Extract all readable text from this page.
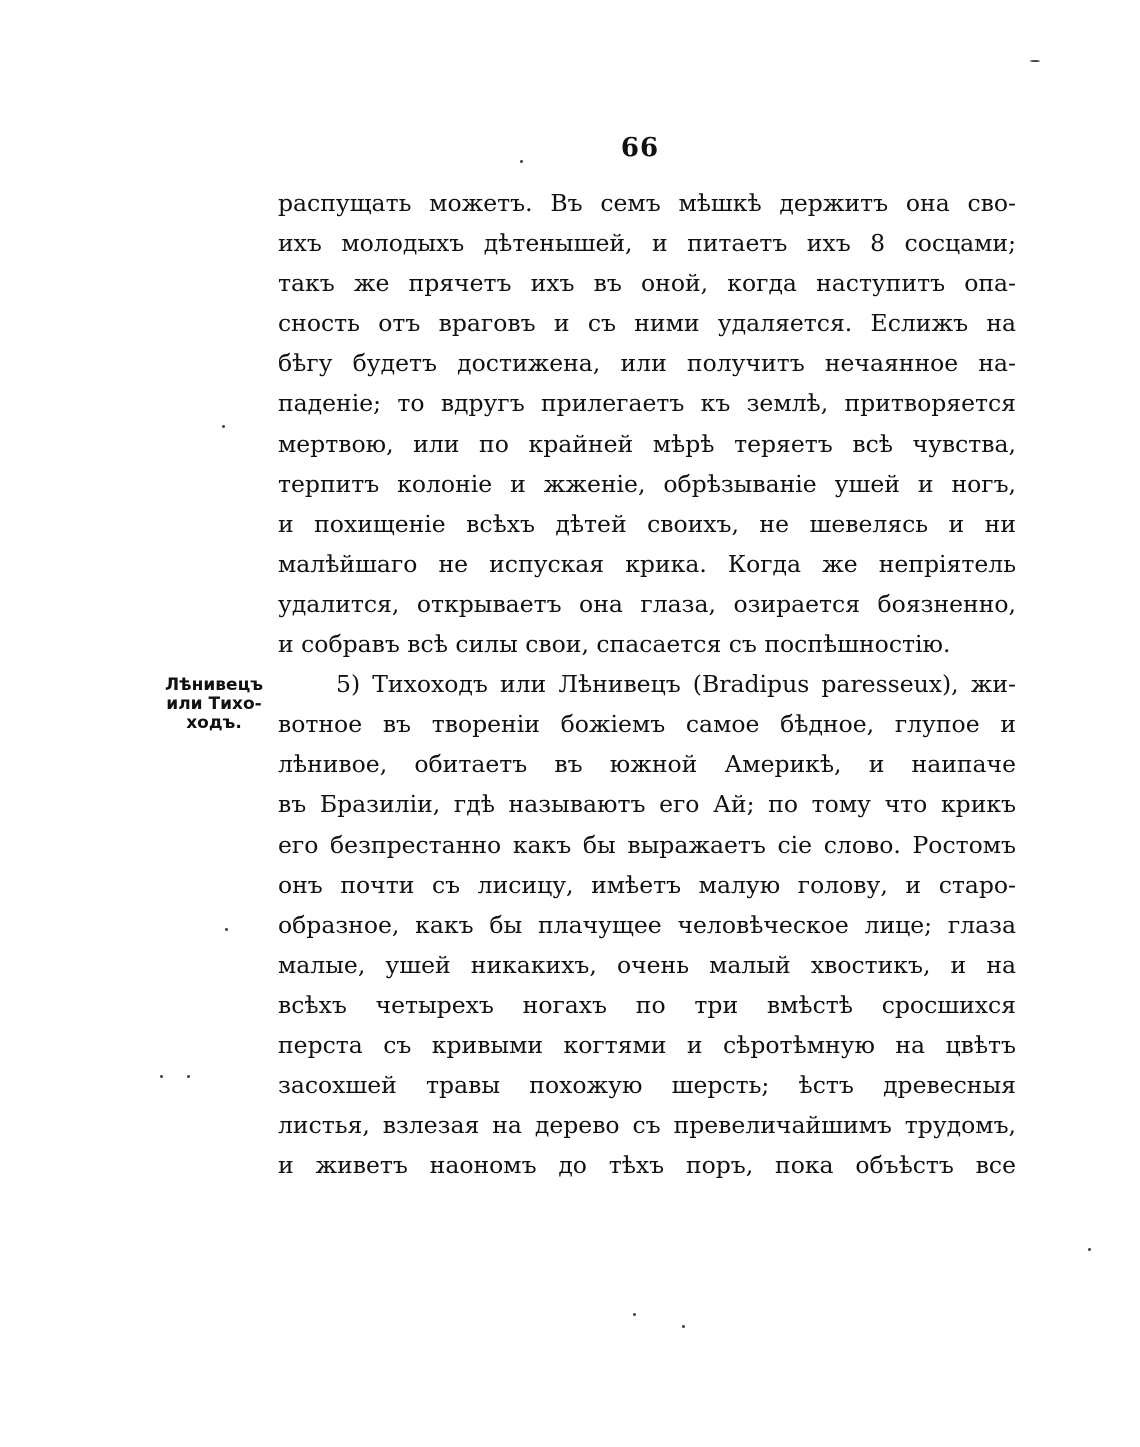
66
Лѣнивецъ
или Тихо-
ходъ.
распущать можетъ. Въ семъ мѣшкѣ держитъ она сво-
ихъ молодыхъ дѣтенышей, и питаетъ ихъ 8 сосцами;
такъ же прячетъ ихъ въ оной, когда наступитъ опа-
сность отъ враговъ и съ ними удаляется. Еслижъ на
бѣгу будетъ достижена, или получитъ нечаянное на-
паденіе; то вдругъ прилегаетъ къ землѣ, притворяется
мертвою, или по крайней мѣрѣ теряетъ всѣ чувства,
терпитъ колоніе и жженіе, обрѣзываніе ушей и ногъ,
и похищеніе всѣхъ дѣтей своихъ, не шевелясь и ни
малѣйшаго не испуская крика. Когда же непріятель
удалится, открываетъ она глаза, озирается боязненно,
и собравъ всѣ силы свои, спасается съ поспѣшностію.
5) Тихоходъ или Лѣнивецъ (Bradipus paresseux), жи-
вотное въ твореніи божіемъ самое бѣдное, глупое и
лѣнивое, обитаетъ въ южной Америкѣ, и наипаче
въ Бразиліи, гдѣ называютъ его Ай; по тому что крикъ
его безпрестанно какъ бы выражаетъ сіе слово. Ростомъ
онъ почти съ лисицу, имѣетъ малую голову, и старо-
образное, какъ бы плачущее человѣческое лице; глаза
малые, ушей никакихъ, очень малый хвостикъ, и на
всѣхъ четырехъ ногахъ по три вмѣстѣ сросшихся
перста съ кривыми когтями и сѣротѣмную на цвѣтъ
засохшей травы похожую шерсть; ѣстъ древесныя
листья, взлезая на дерево съ превеличайшимъ трудомъ,
и живетъ наономъ до тѣхъ поръ, пока объѣстъ все
